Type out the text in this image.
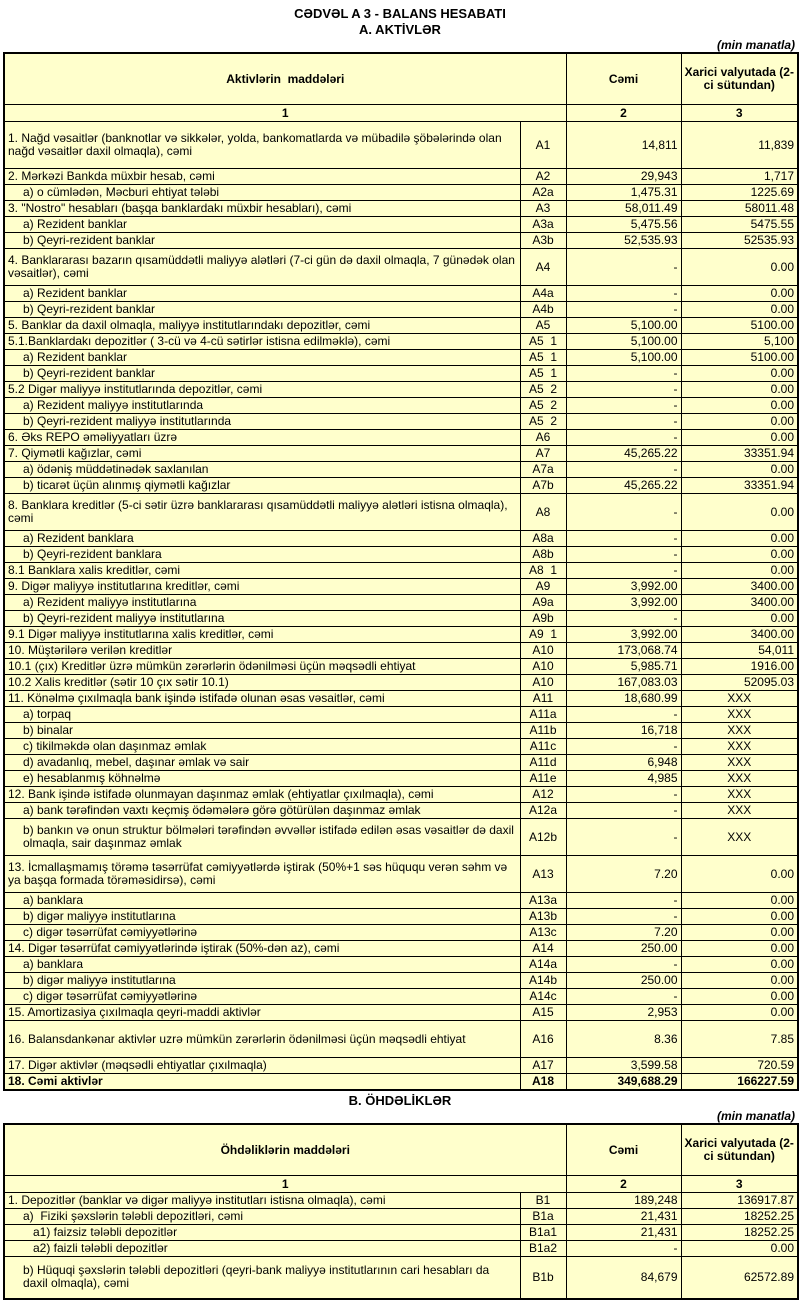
CƏDVƏL A 3 - BALANS HESABATI
A. AKTİVLƏR
(min manatla)
Aktivlərin  maddələri		Cəmi	Xarici valyutada (2-ci sütundan)
1		2	3
1. Nağd vəsaitlər (banknotlar və sikkələr, yolda, bankomatlarda və mübadilə şöbələrində olan nağd vəsaitlər daxil olmaqla), cəmi	A1	14,811	11,839
2. Mərkəzi Bankda müxbir hesab, cəmi	A2	29,943	1,717
a) o cümlədən, Məcburi ehtiyat tələbi	A2a	1,475.31	1225.69
3. "Nostro" hesabları (başqa banklardakı müxbir hesabları), cəmi	A3	58,011.49	58011.48
a) Rezident banklar	A3a	5,475.56	5475.55
b) Qeyri-rezident banklar	A3b	52,535.93	52535.93
4. Banklararası bazarın qısamüddətli maliyyə alətləri (7-ci gün də daxil olmaqla, 7 günədək olan vəsaitlər), cəmi	A4	-	0.00
a) Rezident banklar	A4a	-	0.00
b) Qeyri-rezident banklar	A4b	-	0.00
5. Banklar da daxil olmaqla, maliyyə institutlarındakı depozitlər, cəmi	A5	5,100.00	5100.00
5.1.Banklardakı depozitlər ( 3-cü və 4-cü sətirlər istisna edilməklə), cəmi	A5  1	5,100.00	5,100
a) Rezident banklar	A5  1	5,100.00	5100.00
b) Qeyri-rezident banklar	A5  1	-	0.00
5.2 Digər maliyyə institutlarında depozitlər, cəmi	A5  2	-	0.00
a) Rezident maliyyə institutlarında	A5  2	-	0.00
b) Qeyri-rezident maliyyə institutlarında	A5  2	-	0.00
6. Əks REPO əməliyyatları üzrə	A6	-	0.00
7. Qiymətli kağızlar, cəmi	A7	45,265.22	33351.94
a) ödəniş müddətinədək saxlanılan	A7a	-	0.00
b) ticarət üçün alınmış qiymətli kağızlar	A7b	45,265.22	33351.94
8. Banklara kreditlər (5-ci sətir üzrə banklararası qısamüddətli maliyyə alətləri istisna olmaqla), cəmi	A8	-	0.00
a) Rezident banklara	A8a	-	0.00
b) Qeyri-rezident banklara	A8b	-	0.00
8.1 Banklara xalis kreditlər, cəmi	A8  1	-	0.00
9. Digər maliyyə institutlarına kreditlər, cəmi	A9	3,992.00	3400.00
a) Rezident maliyyə institutlarına	A9a	3,992.00	3400.00
b) Qeyri-rezident maliyyə institutlarına	A9b	-	0.00
9.1 Digər maliyyə institutlarına xalis kreditlər, cəmi	A9  1	3,992.00	3400.00
10. Müştərilərə verilən kreditlər	A10	173,068.74	54,011
10.1 (çıx) Kreditlər üzrə mümkün zərərlərin ödənilməsi üçün məqsədli ehtiyat	A10	5,985.71	1916.00
10.2 Xalis kreditlər (sətir 10 çıx sətir 10.1)	A10	167,083.03	52095.03
11. Könəlmə çıxılmaqla bank işində istifadə olunan əsas vəsaitlər, cəmi	A11	18,680.99	XXX
a) torpaq	A11a	-	XXX
b) binalar	A11b	16,718	XXX
c) tikilməkdə olan daşınmaz əmlak	A11c	-	XXX
d) avadanlıq, mebel, daşınar əmlak və sair	A11d	6,948	XXX
e) hesablanmış köhnəlmə	A11e	4,985	XXX
12. Bank işində istifadə olunmayan daşınmaz əmlak (ehtiyatlar çıxılmaqla), cəmi	A12	-	XXX
a) bank tərəfindən vaxtı keçmiş ödəmələrə görə götürülən daşınmaz əmlak	A12a	-	XXX
b) bankın və onun struktur bölmələri tərəfindən əvvəllər istifadə edilən əsas vəsaitlər də daxil olmaqla, sair daşınmaz əmlak	A12b	-	XXX
13. İcmallaşmamış törəmə təsərrüfat cəmiyyətlərdə iştirak (50%+1 səs hüququ verən səhm və ya başqa formada törəməsidirsə), cəmi	A13	7.20	0.00
a) banklara	A13a	-	0.00
b) digər maliyyə institutlarına	A13b	-	0.00
c) digər təsərrüfat cəmiyyətlərinə	A13c	7.20	0.00
14. Digər təsərrüfat cəmiyyətlərində iştirak (50%-dən az), cəmi	A14	250.00	0.00
a) banklara	A14a	-	0.00
b) digər maliyyə institutlarına	A14b	250.00	0.00
c) digər təsərrüfat cəmiyyətlərinə	A14c	-	0.00
15. Amortizasiya çıxılmaqla qeyri-maddi aktivlər	A15	2,953	0.00
16. Balansdankənar aktivlər uzrə mümkün zərərlərin ödənilməsi üçün məqsədli ehtiyat	A16	8.36	7.85
17. Digər aktivlər (məqsədli ehtiyatlar çıxılmaqla)	A17	3,599.58	720.59
18. Cəmi aktivlər	A18	349,688.29	166227.59
B. ÖHDƏLİKLƏR
(min manatla)
Öhdəliklərin maddələri		Cəmi	Xarici valyutada (2-ci sütundan)
1		2	3
1. Depozitlər (banklar və digər maliyyə institutları istisna olmaqla), cəmi	B1	189,248	136917.87
a)  Fiziki şəxslərin tələbli depozitləri, cəmi	B1a	21,431	18252.25
a1) faizsiz tələbli depozitlər	B1a1	21,431	18252.25
a2) faizli tələbli depozitlər	B1a2	-	0.00
b) Hüquqi şəxslərin tələbli depozitləri (qeyri-bank maliyyə institutlarının cari hesabları da daxil olmaqla), cəmi	B1b	84,679	62572.89
